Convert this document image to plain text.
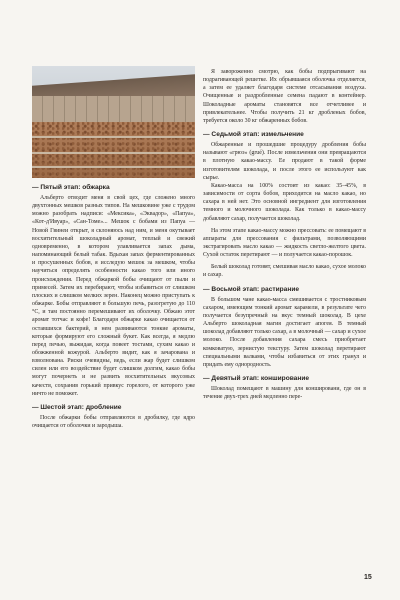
— Пятый этап: обжарка

Альберто отводит меня в свой цех, где сложено много двухтонных мешков разных типов. На мешковине уже с трудом можно разобрать надписи: «Мексика», «Эквадор», «Папуа», «Кот-д'Ивуар», «Сан-Томе»... Мешок с бобами из Папуа — Новой Гвинеи открыт, я склоняюсь над ним, и меня окутывает восхитительный шоколадный аромат, теплый и свежий одновременно, в котором улавливается запах дыма, напоминающий белый табак. Вдыхая запах ферментированных и просушенных бобов, я исследую мешок за мешком, чтобы научиться определять особенности какао того или иного происхождения. Перед обжаркой бобы очищают от пыли и примесей. Затем их перебирают, чтобы избавиться от слишком плоских и слишком мелких зерен. Наконец можно приступать к обжарке. Бобы отправляют в большую печь, разогретую до 110 °С, и там постоянно перемешивают их оболочку. Обжаю этот аромат тотчас и кофе! Благодаря обжарке какао очищается от оставшихся бактерий, в нем развиваются тонкие ароматы, которые формируют его сложный букет. Как всегда, я медлю перед печью, выжидая, когда повеет тостами, сухим какао и обожженной кожурой. Альберто видит, как я зачарована и взволнована. Риски очевидны, ведь, если жар будет слишком силен или его воздействие будет слишком долгим, какао бобы могут почернеть и не развить восхитительных вкусовых качеств, сохранив горький привкус горелого, от которого уже ничто не поможет.

— Шестой этап: дробление

После обжарки бобы отправляются в дробилку, где ядро очищается от оболочки и зародыша.

Я завороженно смотрю, как бобы подпрыгивают на подрагивающей решетке. Их обрывшаяся оболочка отделяется, а затем ее удаляет благодаря системе отсасывания воздуха. Очищенные и раздробленные семена падают в контейнер. Шоколадные ароматы становятся все отчетливее и привлекательнее. Чтобы получить 21 кг дробленых бобов, требуется около 30 кг обжаренных бобов.

— Седьмой этап: измельчение

Обжаренные и прошедшие процедуру дробления бобы называют «грюэ» (grué). После измельчения они превращаются в плотную какао-массу. Ее продают в такой форме изготовителям шоколада, и после этого ее используют как сырье.

Какао-масса на 100% состоит из какао: 35–45%, в зависимости от сорта бобов, приходится на масло какао, но сахара в ней нет. Это основной ингредиент для изготовления темного и молочного шоколада. Как только в какао-массу добавляют сахар, получается шоколад.

На этом этапе какао-массу можно прессовать: ее помещают в аппараты для прессования с фильтрами, позволяющими экстрагировать масло какао — жидкость светло-желтого цвета. Сухой остаток перетирают — и получается какао-порошок.

Белый шоколад готовят, смешивая масло какао, сухое молоко и сахар.

— Восьмой этап: растирание

В большом чане какао-масса смешивается с тростниковым сахаром, имеющим тонкий аромат карамели, в результате чего получается безупречный на вкус темный шоколад. В цехе Альберто шоколадная магия достигает апогея. В темный шоколад добавляют только сахар, а в молочный — сахар и сухое молоко. После добавления сахара смесь приобретает комковатую, зернистую текстуру. Затем шоколад перетирают специальными валками, чтобы избавиться от этих гранул и придать ему однородность.

— Девятый этап: конширование

Шоколад помещают в машину для коншировани, где он в течение двух-трех дней медленно пере-

15
